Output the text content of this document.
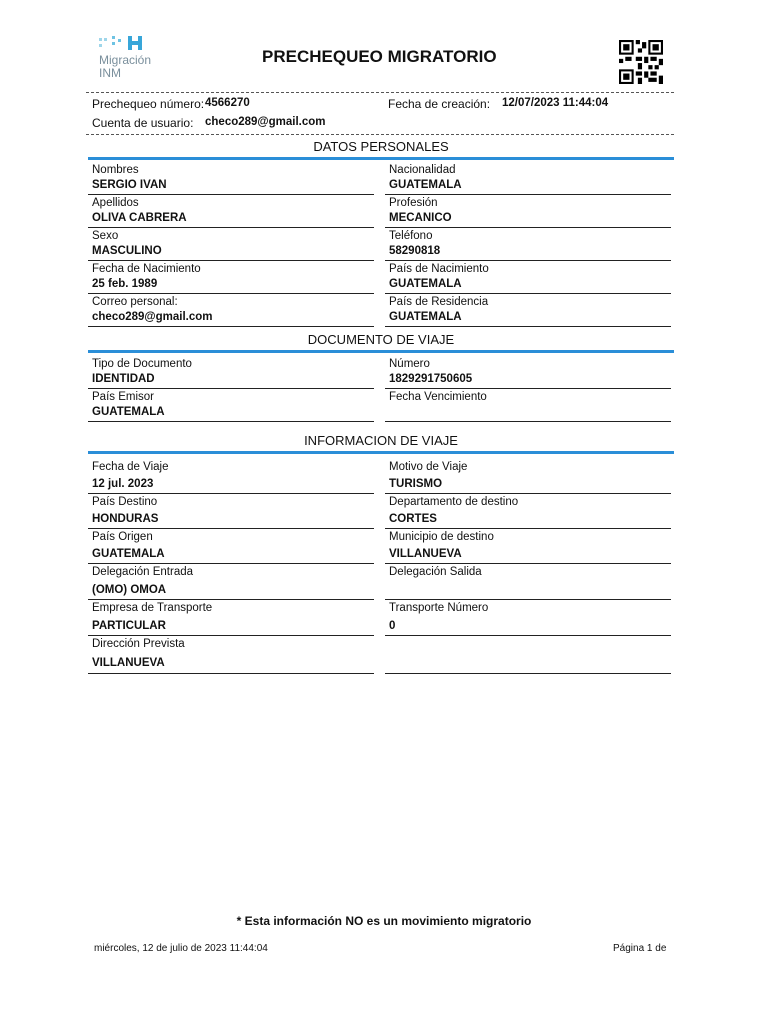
Migración
INM
PRECHEQUEO MIGRATORIO
Prechequeo número: 4566270	Fecha de creación: 12/07/2023 11:44:04
Cuenta de usuario: checo289@gmail.com
DATOS PERSONALES
Nombres
SERGIO IVAN
Nacionalidad
GUATEMALA
Apellidos
OLIVA CABRERA
Profesión
MECANICO
Sexo
MASCULINO
Teléfono
58290818
Fecha de Nacimiento
25 feb. 1989
País de Nacimiento
GUATEMALA
Correo personal:
checo289@gmail.com
País de Residencia
GUATEMALA
DOCUMENTO DE VIAJE
Tipo de Documento
IDENTIDAD
Número
1829291750605
País Emisor
GUATEMALA
Fecha Vencimiento
INFORMACION DE VIAJE
Fecha de Viaje
12 jul. 2023
Motivo de Viaje
TURISMO
País Destino
HONDURAS
Departamento de destino
CORTES
País Origen
GUATEMALA
Municipio de destino
VILLANUEVA
Delegación Entrada
(OMO) OMOA
Delegación Salida
Empresa de Transporte
PARTICULAR
Transporte Número
0
Dirección Prevista
VILLANUEVA
* Esta información NO es un movimiento migratorio
miércoles, 12 de julio de 2023 11:44:04	Página 1 de
